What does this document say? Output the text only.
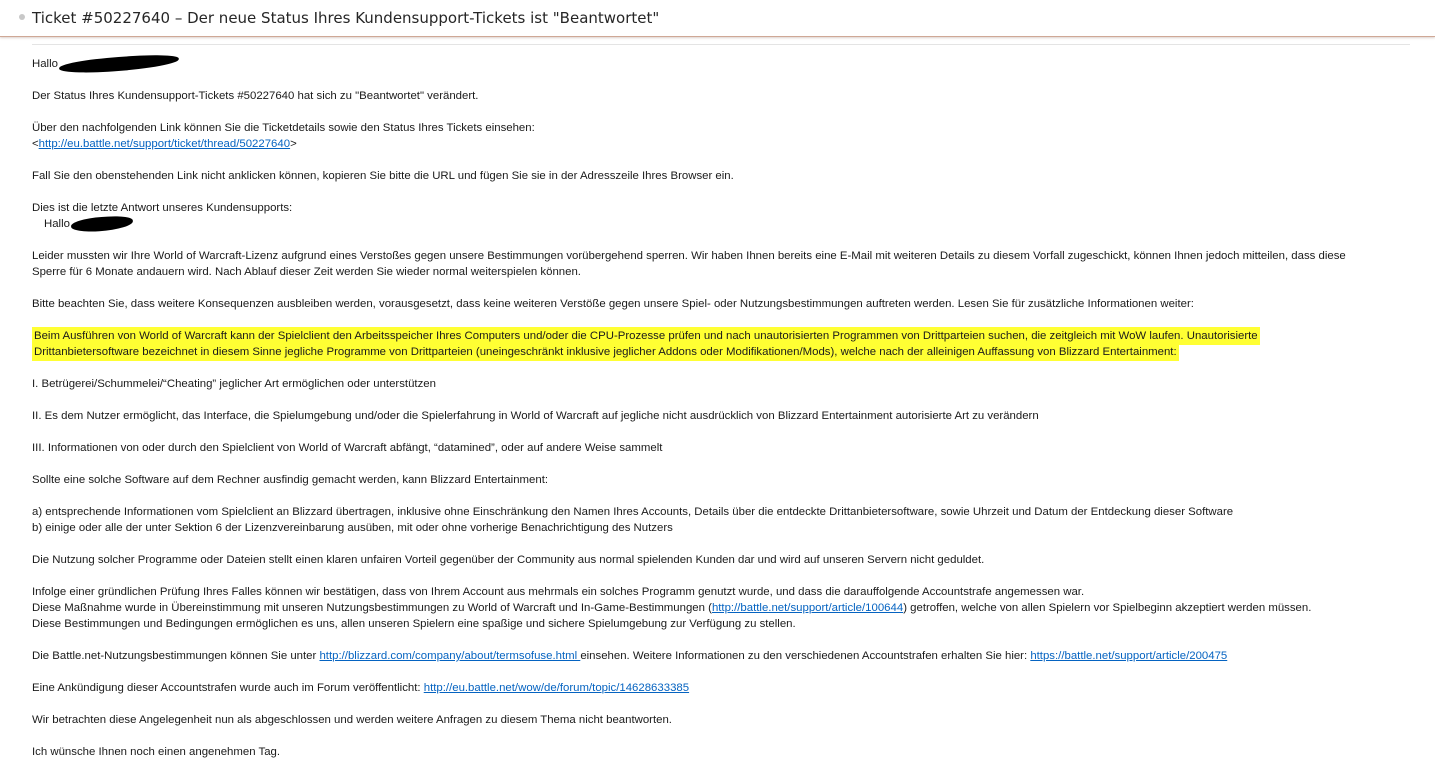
Ticket #50227640 – Der neue Status Ihres Kundensupport-Tickets ist "Beantwortet"

Hallo

Der Status Ihres Kundensupport-Tickets #50227640 hat sich zu "Beantwortet" verändert.

Über den nachfolgenden Link können Sie die Ticketdetails sowie den Status Ihres Tickets einsehen:
<http://eu.battle.net/support/ticket/thread/50227640>

Fall Sie den obenstehenden Link nicht anklicken können, kopieren Sie bitte die URL und fügen Sie sie in der Adresszeile Ihres Browser ein.

Dies ist die letzte Antwort unseres Kundensupports:
Hallo

Leider mussten wir Ihre World of Warcraft-Lizenz aufgrund eines Verstoßes gegen unsere Bestimmungen vorübergehend sperren. Wir haben Ihnen bereits eine E-Mail mit weiteren Details zu diesem Vorfall zugeschickt, können Ihnen jedoch mitteilen, dass diese
Sperre für 6 Monate andauern wird. Nach Ablauf dieser Zeit werden Sie wieder normal weiterspielen können.

Bitte beachten Sie, dass weitere Konsequenzen ausbleiben werden, vorausgesetzt, dass keine weiteren Verstöße gegen unsere Spiel- oder Nutzungsbestimmungen auftreten werden. Lesen Sie für zusätzliche Informationen weiter:

Beim Ausführen von World of Warcraft kann der Spielclient den Arbeitsspeicher Ihres Computers und/oder die CPU-Prozesse prüfen und nach unautorisierten Programmen von Drittparteien suchen, die zeitgleich mit WoW laufen. Unautorisierte
Drittanbietersoftware bezeichnet in diesem Sinne jegliche Programme von Drittparteien (uneingeschränkt inklusive jeglicher Addons oder Modifikationen/Mods), welche nach der alleinigen Auffassung von Blizzard Entertainment:

I. Betrügerei/Schummelei/“Cheating” jeglicher Art ermöglichen oder unterstützen

II. Es dem Nutzer ermöglicht, das Interface, die Spielumgebung und/oder die Spielerfahrung in World of Warcraft auf jegliche nicht ausdrücklich von Blizzard Entertainment autorisierte Art zu verändern

III. Informationen von oder durch den Spielclient von World of Warcraft abfängt, “datamined”, oder auf andere Weise sammelt

Sollte eine solche Software auf dem Rechner ausfindig gemacht werden, kann Blizzard Entertainment:

a) entsprechende Informationen vom Spielclient an Blizzard übertragen, inklusive ohne Einschränkung den Namen Ihres Accounts, Details über die entdeckte Drittanbietersoftware, sowie Uhrzeit und Datum der Entdeckung dieser Software
b) einige oder alle der unter Sektion 6 der Lizenzvereinbarung ausüben, mit oder ohne vorherige Benachrichtigung des Nutzers

Die Nutzung solcher Programme oder Dateien stellt einen klaren unfairen Vorteil gegenüber der Community aus normal spielenden Kunden dar und wird auf unseren Servern nicht geduldet.

Infolge einer gründlichen Prüfung Ihres Falles können wir bestätigen, dass von Ihrem Account aus mehrmals ein solches Programm genutzt wurde, und dass die darauffolgende Accountstrafe angemessen war.
Diese Maßnahme wurde in Übereinstimmung mit unseren Nutzungsbestimmungen zu World of Warcraft und In-Game-Bestimmungen (http://battle.net/support/article/100644) getroffen, welche von allen Spielern vor Spielbeginn akzeptiert werden müssen.
Diese Bestimmungen und Bedingungen ermöglichen es uns, allen unseren Spielern eine spaßige und sichere Spielumgebung zur Verfügung zu stellen.

Die Battle.net-Nutzungsbestimmungen können Sie unter http://blizzard.com/company/about/termsofuse.html einsehen. Weitere Informationen zu den verschiedenen Accountstrafen erhalten Sie hier: https://battle.net/support/article/200475

Eine Ankündigung dieser Accountstrafen wurde auch im Forum veröffentlicht: http://eu.battle.net/wow/de/forum/topic/14628633385

Wir betrachten diese Angelegenheit nun als abgeschlossen und werden weitere Anfragen zu diesem Thema nicht beantworten.

Ich wünsche Ihnen noch einen angenehmen Tag.
